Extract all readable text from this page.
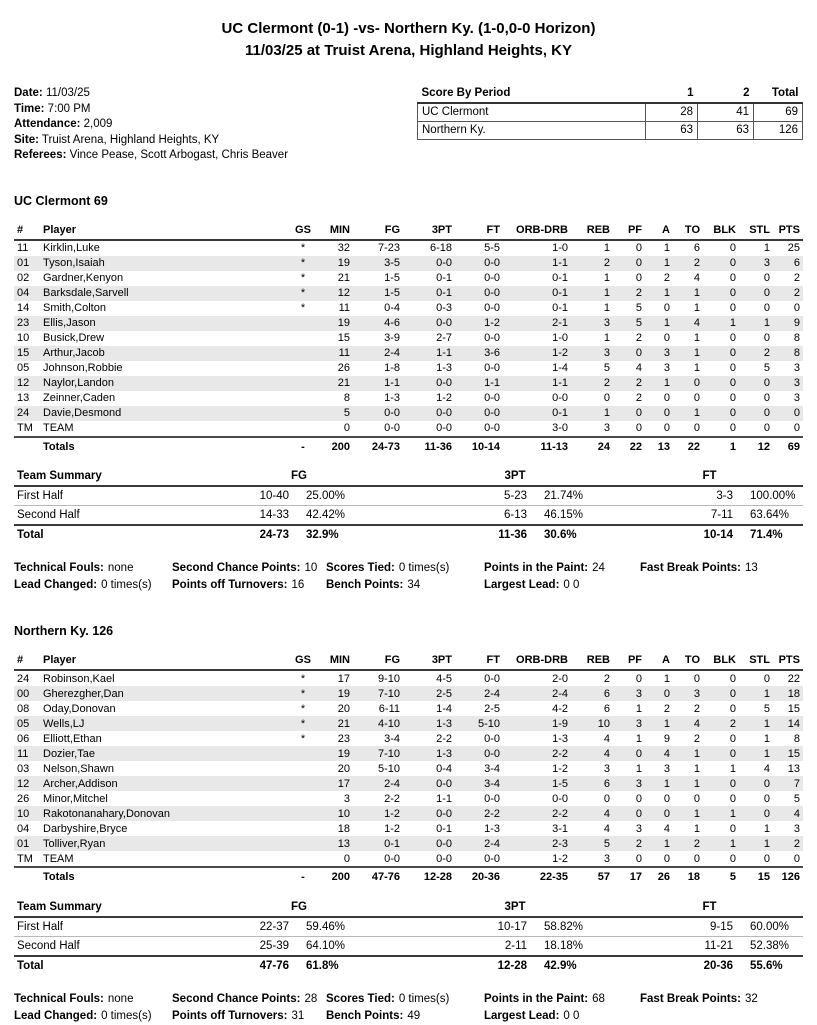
UC Clermont (0-1) -vs- Northern Ky. (1-0,0-0 Horizon)
11/03/25 at Truist Arena, Highland Heights, KY
Date: 11/03/25
Time: 7:00 PM
Attendance: 2,009
Site: Truist Arena, Highland Heights, KY
Referees: Vince Pease, Scott Arbogast, Chris Beaver
Score By Period	1	2	Total
UC Clermont	28	41	69
Northern Ky.	63	63	126
UC Clermont 69
#	Player	GS	MIN	FG	3PT	FT	ORB-DRB	REB	PF	A	TO	BLK	STL	PTS
11	Kirklin,Luke	*	32	7-23	6-18	5-5	1-0	1	0	1	6	0	1	25
01	Tyson,Isaiah	*	19	3-5	0-0	0-0	1-1	2	0	1	2	0	3	6
02	Gardner,Kenyon	*	21	1-5	0-1	0-0	0-1	1	0	2	4	0	0	2
04	Barksdale,Sarvell	*	12	1-5	0-1	0-0	0-1	1	2	1	1	0	0	2
14	Smith,Colton	*	11	0-4	0-3	0-0	0-1	1	5	0	1	0	0	0
23	Ellis,Jason		19	4-6	0-0	1-2	2-1	3	5	1	4	1	1	9
10	Busick,Drew		15	3-9	2-7	0-0	1-0	1	2	0	1	0	0	8
15	Arthur,Jacob		11	2-4	1-1	3-6	1-2	3	0	3	1	0	2	8
05	Johnson,Robbie		26	1-8	1-3	0-0	1-4	5	4	3	1	0	5	3
12	Naylor,Landon		21	1-1	0-0	1-1	1-1	2	2	1	0	0	0	3
13	Zeinner,Caden		8	1-3	1-2	0-0	0-0	0	2	0	0	0	0	3
24	Davie,Desmond		5	0-0	0-0	0-0	0-1	1	0	0	1	0	0	0
TM	TEAM		0	0-0	0-0	0-0	3-0	3	0	0	0	0	0	0
	Totals	-	200	24-73	11-36	10-14	11-13	24	22	13	22	1	12	69
Team Summary	FG		3PT		FT	
First Half	10-40	25.00%	5-23	21.74%	3-3	100.00%
Second Half	14-33	42.42%	6-13	46.15%	7-11	63.64%
Total	24-73	32.9%	11-36	30.6%	10-14	71.4%
Technical Fouls: none	Second Chance Points: 10 Scores Tied: 0 times(s)	Points in the Paint: 24	Fast Break Points: 13
Lead Changed: 0 times(s)	Points off Turnovers: 16	Bench Points: 34	Largest Lead: 0 0
Northern Ky. 126
#	Player	GS	MIN	FG	3PT	FT	ORB-DRB	REB	PF	A	TO	BLK	STL	PTS
24	Robinson,Kael	*	17	9-10	4-5	0-0	2-0	2	0	1	0	0	0	22
00	Gherezgher,Dan	*	19	7-10	2-5	2-4	2-4	6	3	0	3	0	1	18
08	Oday,Donovan	*	20	6-11	1-4	2-5	4-2	6	1	2	2	0	5	15
05	Wells,LJ	*	21	4-10	1-3	5-10	1-9	10	3	1	4	2	1	14
06	Elliott,Ethan	*	23	3-4	2-2	0-0	1-3	4	1	9	2	0	1	8
11	Dozier,Tae		19	7-10	1-3	0-0	2-2	4	0	4	1	0	1	15
03	Nelson,Shawn		20	5-10	0-4	3-4	1-2	3	1	3	1	1	4	13
12	Archer,Addison		17	2-4	0-0	3-4	1-5	6	3	1	1	0	0	7
26	Minor,Mitchel		3	2-2	1-1	0-0	0-0	0	0	0	0	0	0	5
10	Rakotonanahary,Donovan		10	1-2	0-0	2-2	2-2	4	0	0	1	1	0	4
04	Darbyshire,Bryce		18	1-2	0-1	1-3	3-1	4	3	4	1	0	1	3
01	Tolliver,Ryan		13	0-1	0-0	2-4	2-3	5	2	1	2	1	1	2
TM	TEAM		0	0-0	0-0	0-0	1-2	3	0	0	0	0	0	0
	Totals	-	200	47-76	12-28	20-36	22-35	57	17	26	18	5	15	126
Team Summary	FG		3PT		FT	
First Half	22-37	59.46%	10-17	58.82%	9-15	60.00%
Second Half	25-39	64.10%	2-11	18.18%	11-21	52.38%
Total	47-76	61.8%	12-28	42.9%	20-36	55.6%
Technical Fouls: none	Second Chance Points: 28 Scores Tied: 0 times(s)	Points in the Paint: 68	Fast Break Points: 32
Lead Changed: 0 times(s)	Points off Turnovers: 31	Bench Points: 49	Largest Lead: 0 0
